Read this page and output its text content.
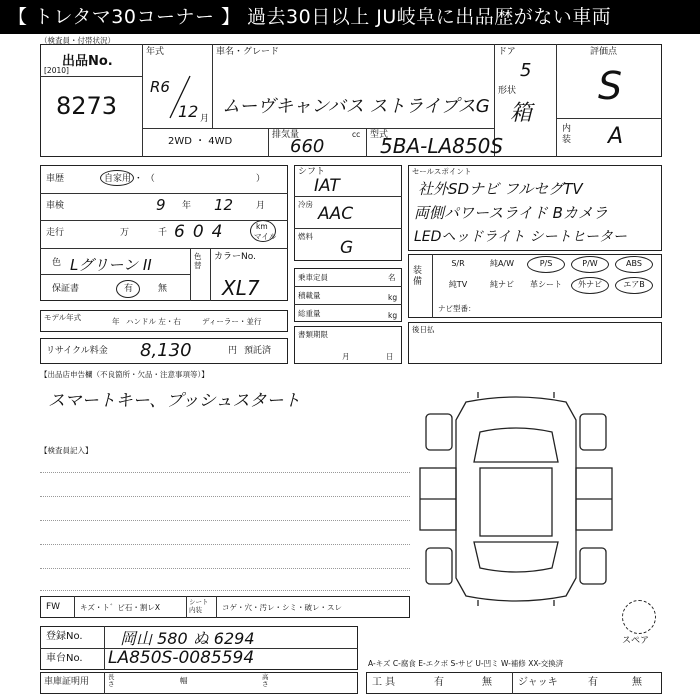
【 トレタマ30コーナー 】 過去30日以上 JU岐阜に出品歴がない車両
（検査員・付帯状況）
出品No.
[2010]
8273
年式
R6
12 月
車名・グレード
ムーヴキャンバス ストライプスG
ドア
5
形状
箱
2WD ・ 4WD
排気量
660
cc 型式
5BA-LA850S
評価点
S
内装 A
車歴	自家用 ・ （	）
車検	9 年 12	月
走行	万	千 604	km
マイル
色 Lグリーン II	色替
保証書	有	無
カラーNo.
XL7
モデル年式	年 ハンドル 左・右	ディーラー・並行
リサイクル料金 8,130	円 預託済
シフト
IAT
冷房 AAC
燃料
G
乗車定員	名
積載量	kg
総重量	kg
書類期限
月	日
セールスポイント
社外SDナビ フルセグTV
両側パワースライド Bカメラ
LEDヘッドライト シートヒーター
装備
S/R	純A/W	P/S	P/W	ABS
純TV	純ナビ	革シート	外ナビ	エアB
ナビ型番：
後日払
【出品店申告欄（不良箇所・欠品・注意事項等）】
スマートキー、プッシュスタート
【検査員記入】
スペア
FW	キズ・ト゛ビ石・割レX
シート内装	コゲ・穴・汚レ・シミ・破レ・スレ
登録No. 岡山 580 ぬ 6294
車台No. LA850S-0085594	A-キズ C-腐食 E-エクボ S-サビ U-凹ミ W-補修 XX-交換済
車庫証明用	長さ	幅	高さ	工 具	有	無	ジャッキ	有	無
